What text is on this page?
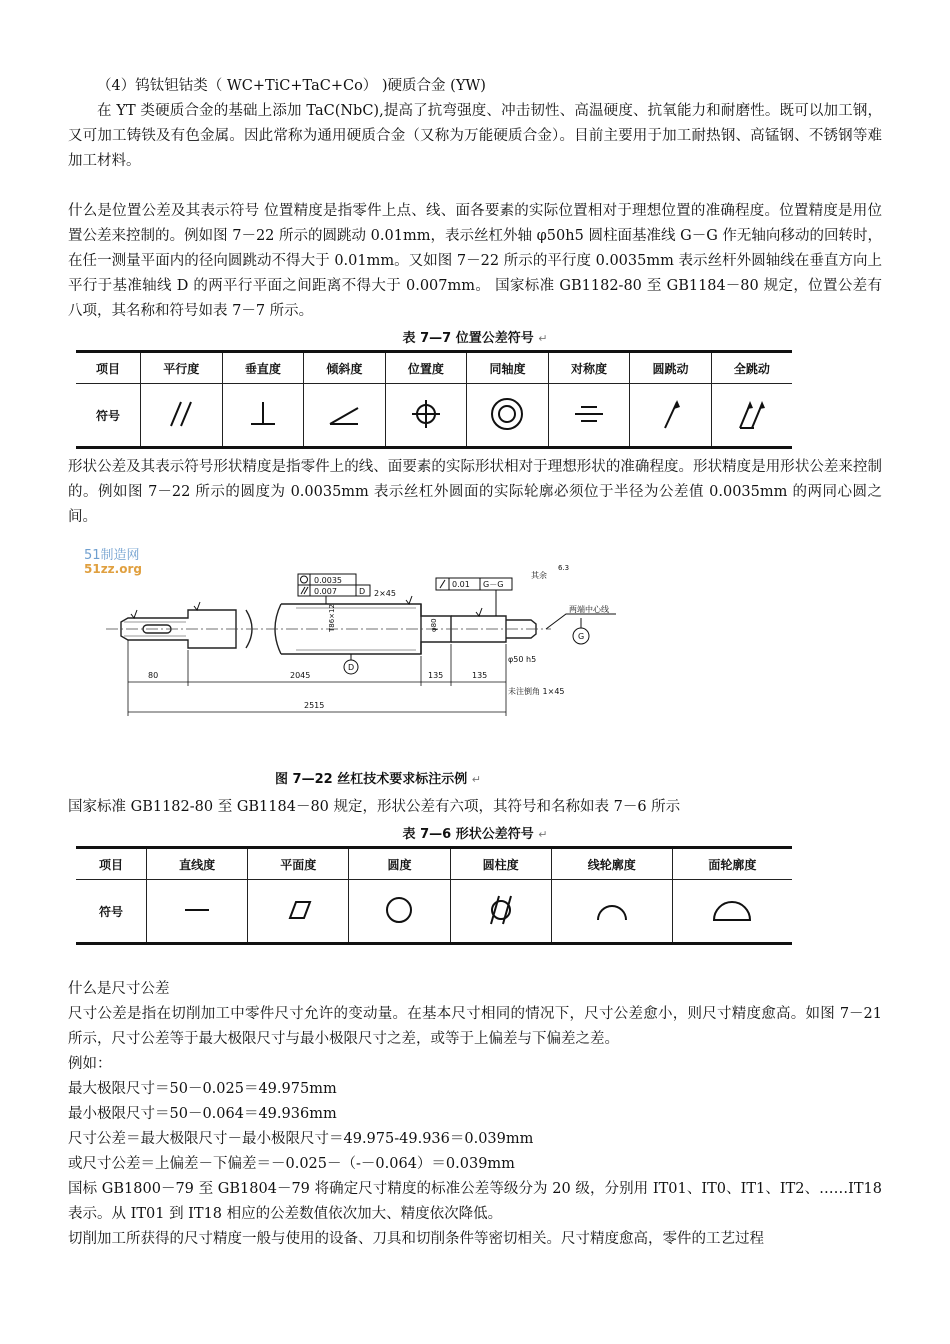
（4）钨钛钽钴类（ WC+TiC+TaC+Co） )硬质合金 (YW)

在 YT 类硬质合金的基础上添加 TaC(NbC),提高了抗弯强度、冲击韧性、高温硬度、抗氧能力和耐磨性。既可以加工钢，又可加工铸铁及有色金属。因此常称为通用硬质合金（又称为万能硬质合金）。目前主要用于加工耐热钢、高锰钢、不锈钢等难加工材料。

什么是位置公差及其表示符号 位置精度是指零件上点、线、面各要素的实际位置相对于理想位置的准确程度。位置精度是用位置公差来控制的。例如图 7－22 所示的圆跳动 0.01mm，表示丝杠外轴 φ50h5 圆柱面基准线 G－G 作无轴向移动的回转时，在任一测量平面内的径向圆跳动不得大于 0.01mm。又如图 7－22 所示的平行度 0.0035mm 表示丝杆外圆轴线在垂直方向上平行于基准轴线 D 的两平行平面之间距离不得大于 0.007mm。 国家标准 GB1182-80 至 GB1184－80 规定，位置公差有八项，其名称和符号如表 7－7 所示。

表 7—7 位置公差符号 ↵
项目	平行度	垂直度	倾斜度	位置度	同轴度	对称度	圆跳动	全跳动
符号								

形状公差及其表示符号形状精度是指零件上的线、面要素的实际形状相对于理想形状的准确程度。形状精度是用形状公差来控制的。例如图 7－22 所示的圆度为 0.0035mm 表示丝杠外圆面的实际轮廓必须位于半径为公差值 0.0035mm 的两同心圆之间。

51制造网
51zz.org
0.0035
0.007	D 2×45
0.01 G－G
D
两端中心线
G
其余
6.3
φ50 h5
未注倒角 1×45
T86×12	φ80
80	2045	135	135
2515
图 7—22 丝杠技术要求标注示例 ↵

国家标准 GB1182-80 至 GB1184－80 规定，形状公差有六项，其符号和名称如表 7－6 所示

表 7—6 形状公差符号 ↵
项目	直线度	平面度	圆度	圆柱度	线轮廓度	面轮廓度
符号						

什么是尺寸公差

尺寸公差是指在切削加工中零件尺寸允许的变动量。在基本尺寸相同的情况下，尺寸公差愈小，则尺寸精度愈高。如图 7－21 所示，尺寸公差等于最大极限尺寸与最小极限尺寸之差，或等于上偏差与下偏差之差。

例如：

最大极限尺寸＝50－0.025＝49.975mm

最小极限尺寸＝50－0.064＝49.936mm

尺寸公差＝最大极限尺寸－最小极限尺寸＝49.975-49.936＝0.039mm

或尺寸公差＝上偏差－下偏差＝－0.025－（-－0.064）＝0.039mm

国标 GB1800－79 至 GB1804－79 将确定尺寸精度的标准公差等级分为 20 级，分别用 IT01、IT0、IT1、IT2、……IT18 表示。从 IT01 到 IT18 相应的公差数值依次加大、精度依次降低。

切削加工所获得的尺寸精度一般与使用的设备、刀具和切削条件等密切相关。尺寸精度愈高，零件的工艺过程
